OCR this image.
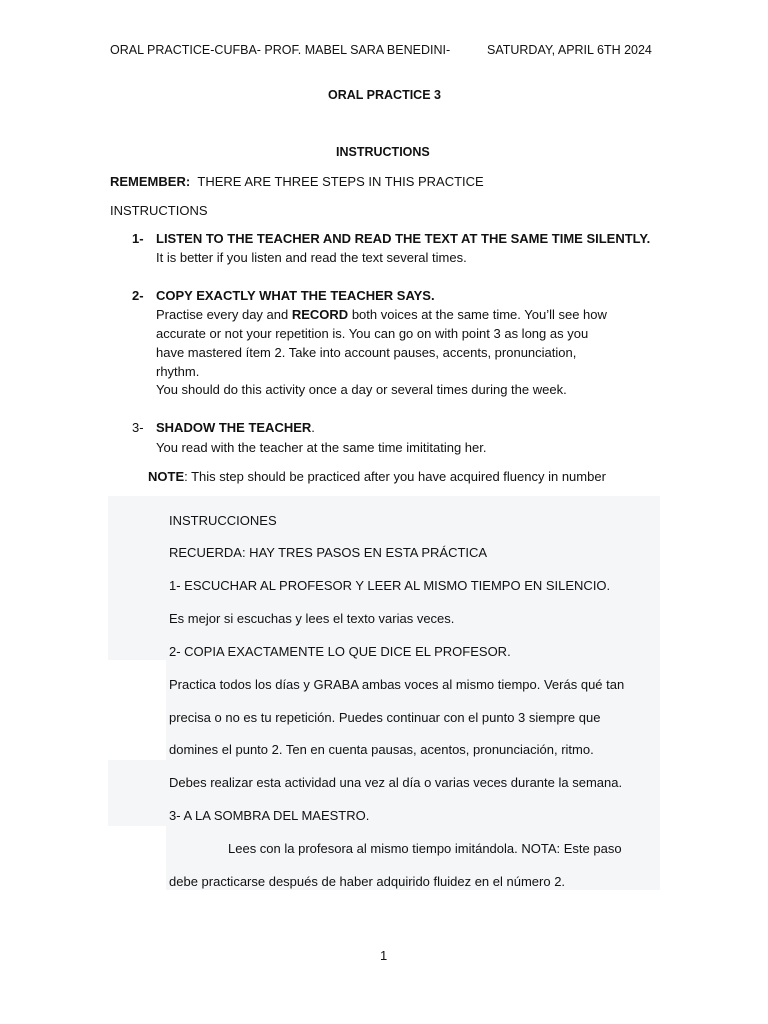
ORAL PRACTICE-CUFBA- PROF. MABEL SARA BENEDINI-	SATURDAY, APRIL 6TH 2024
ORAL PRACTICE 3
INSTRUCTIONS
REMEMBER: THERE ARE THREE STEPS IN THIS PRACTICE
INSTRUCTIONS
1- LISTEN TO THE TEACHER AND READ THE TEXT AT THE SAME TIME SILENTLY.
It is better if you listen and read the text several times.
2- COPY EXACTLY WHAT THE TEACHER SAYS.
Practise every day and RECORD both voices at the same time. You’ll see how
accurate or not your repetition is. You can go on with point 3 as long as you
have mastered ítem 2. Take into account pauses, accents, pronunciation,
rhythm.
You should do this activity once a day or several times during the week.
3- SHADOW THE TEACHER.
You read with the teacher at the same time imititating her.
NOTE: This step should be practiced after you have acquired fluency in number
INSTRUCCIONES
RECUERDA: HAY TRES PASOS EN ESTA PRÁCTICA
1- ESCUCHAR AL PROFESOR Y LEER AL MISMO TIEMPO EN SILENCIO.
Es mejor si escuchas y lees el texto varias veces.
2- COPIA EXACTAMENTE LO QUE DICE EL PROFESOR.
Practica todos los días y GRABA ambas voces al mismo tiempo. Verás qué tan
precisa o no es tu repetición. Puedes continuar con el punto 3 siempre que
domines el punto 2. Ten en cuenta pausas, acentos, pronunciación, ritmo.
Debes realizar esta actividad una vez al día o varias veces durante la semana.
3- A LA SOMBRA DEL MAESTRO.
Lees con la profesora al mismo tiempo imitándola. NOTA: Este paso
debe practicarse después de haber adquirido fluidez en el número 2.
1
